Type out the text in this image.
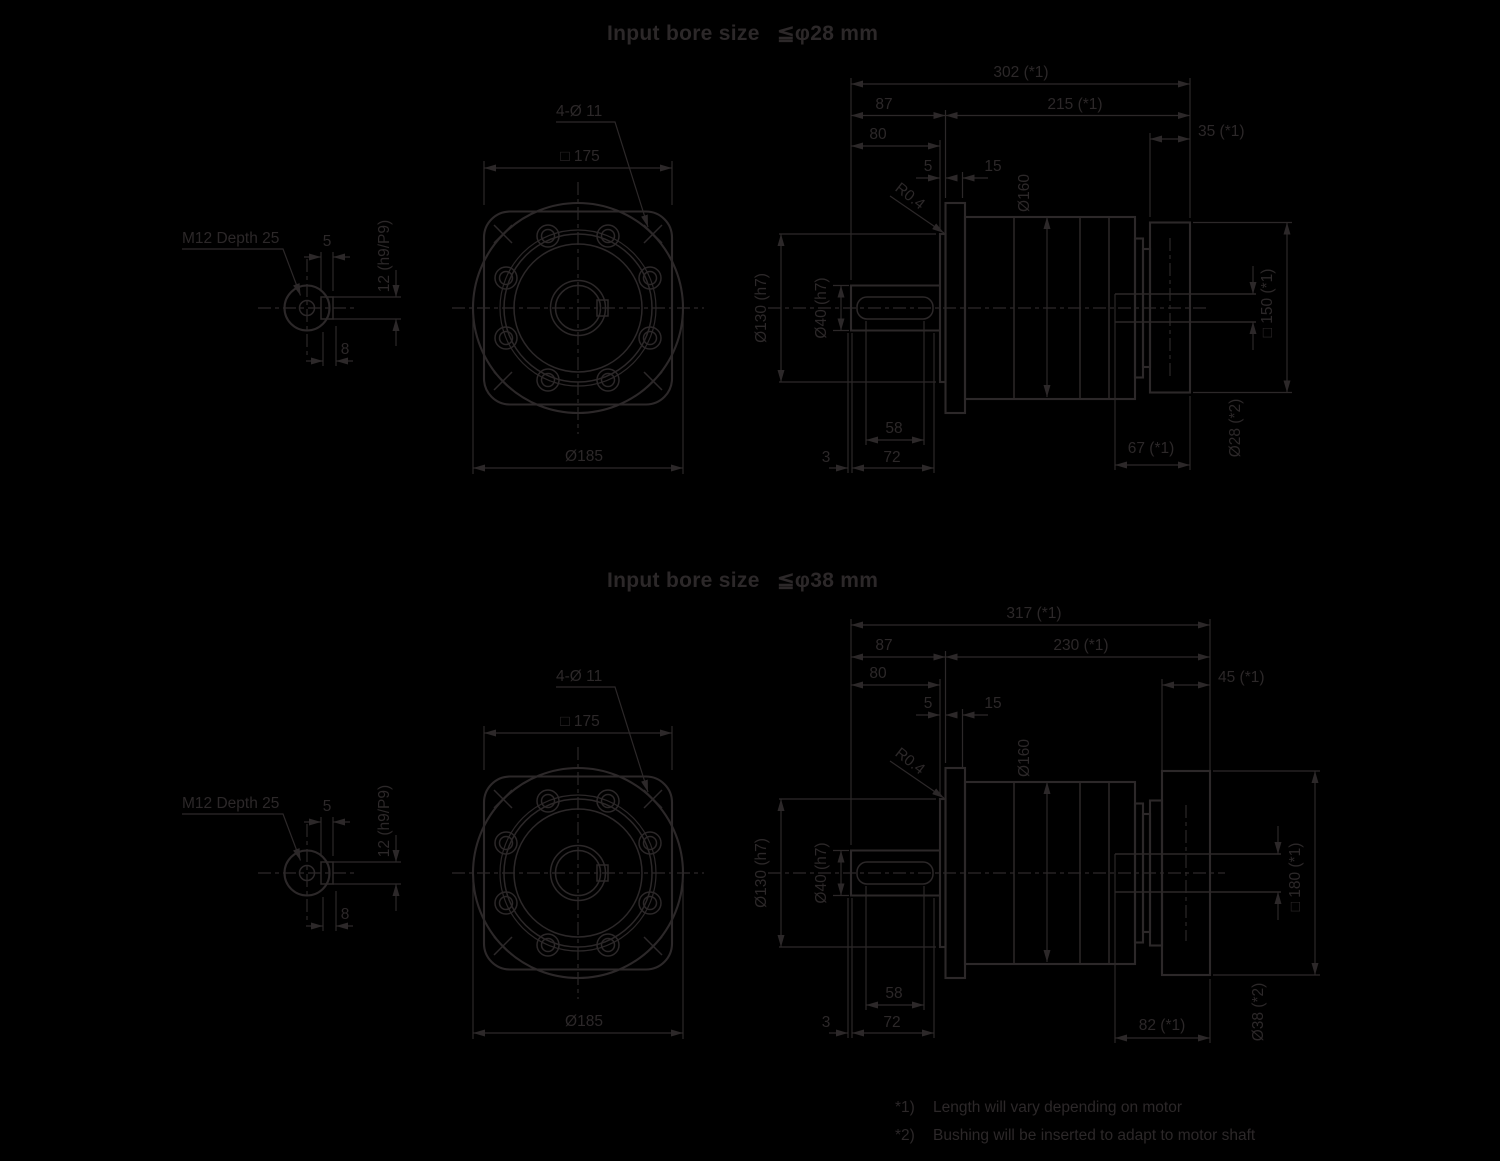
Input bore size ≦φ28 mm
M12 Depth 25	5	12 (h9/P9)
8
4-Ø 11
□ 175
Ø185
R0.4	Ø160
Ø130 (h7)	Ø40 (h7)
58
72
3
302 (*1)
87	215 (*1)
80	35 (*1)
5	15
Ø28 (*2)
□ 150 (*1)
67 (*1)
Input bore size ≦φ38 mm
M12 Depth 25	5	12 (h9/P9)
8
4-Ø 11
□ 175
Ø185
R0.4	Ø160
Ø130 (h7)	Ø40 (h7)
58
72
3
317 (*1)
87	230 (*1)
80	45 (*1)
5	15
Ø38 (*2)
□ 180 (*1)
82 (*1)
*1) Length will vary depending on motor
*2) Bushing will be inserted to adapt to motor shaft
